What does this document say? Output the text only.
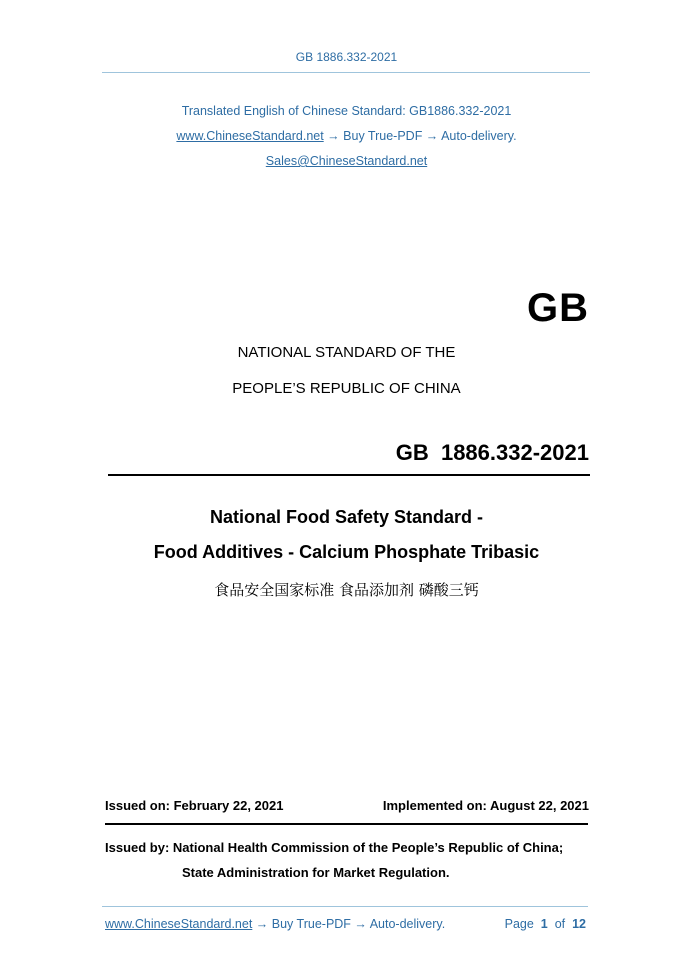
GB 1886.332-2021
Translated English of Chinese Standard: GB1886.332-2021
www.ChineseStandard.net → Buy True-PDF → Auto-delivery.
Sales@ChineseStandard.net
GB
NATIONAL STANDARD OF THE
PEOPLE’S REPUBLIC OF CHINA
GB  1886.332-2021
National Food Safety Standard -
Food Additives - Calcium Phosphate Tribasic
食品安全国家标准 食品添加剂 磷酸三钙
Issued on: February 22, 2021	Implemented on: August 22, 2021
Issued by: National Health Commission of the People’s Republic of China;
State Administration for Market Regulation.
www.ChineseStandard.net → Buy True-PDF → Auto-delivery.	Page 1 of 12
